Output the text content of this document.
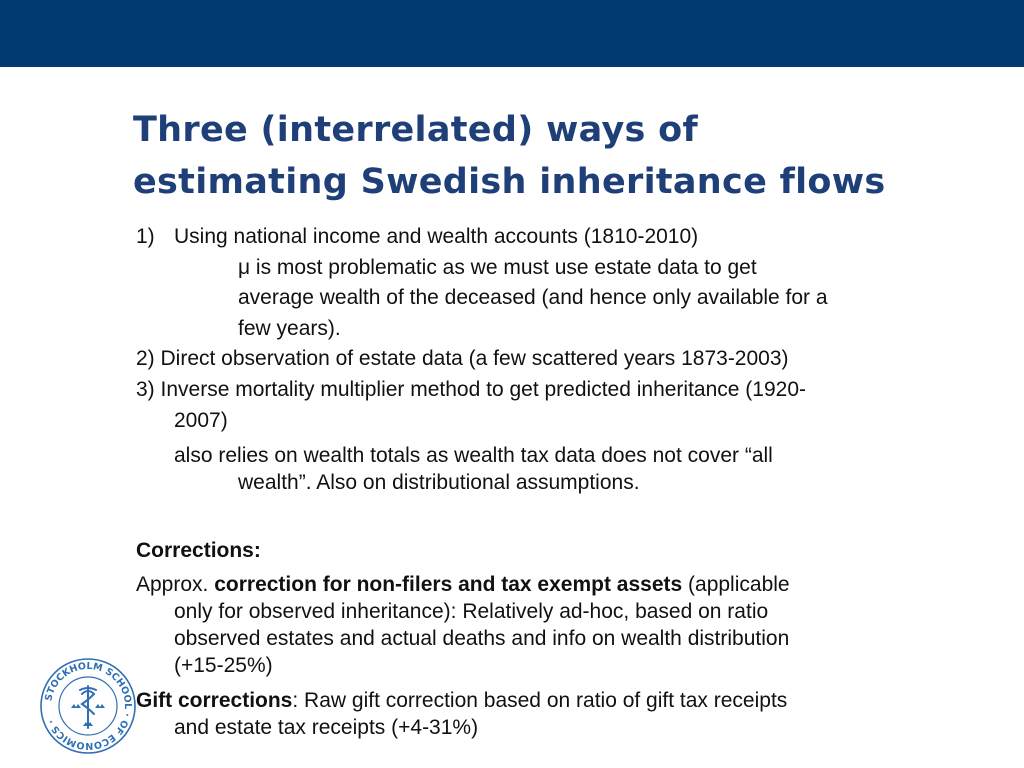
Three (interrelated) ways of
estimating Swedish inheritance flows
1) Using national income and wealth accounts (1810-2010)
μ is most problematic as we must use estate data to get
average wealth of the deceased (and hence only available for a
few years).
2) Direct observation of estate data (a few scattered years 1873-2003)
3) Inverse mortality multiplier method to get predicted inheritance (1920-
2007)
also relies on wealth totals as wealth tax data does not cover “all
wealth”. Also on distributional assumptions.
Corrections:
Approx. correction for non-filers and tax exempt assets (applicable
only for observed inheritance): Relatively ad-hoc, based on ratio
observed estates and actual deaths and info on wealth distribution
(+15-25%)
Gift corrections: Raw gift correction based on ratio of gift tax receipts
and estate tax receipts (+4-31%)
STOCKHOLM SCHOOL · OF ECONOMICS ·
